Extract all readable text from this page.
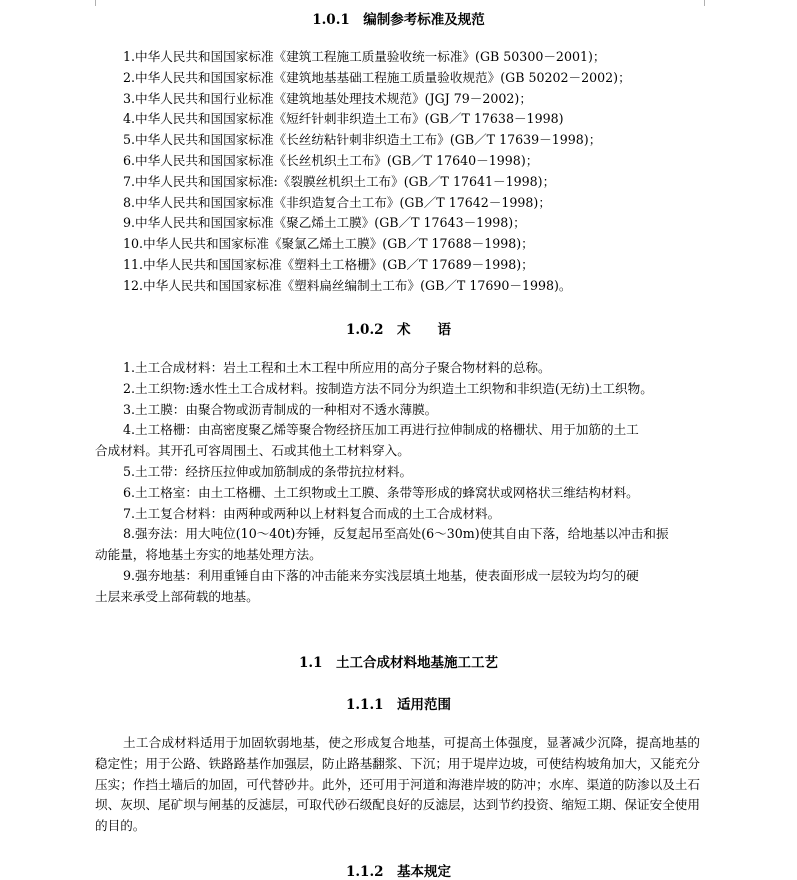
1.0.1　编制参考标准及规范
1.中华人民共和国国家标准《建筑工程施工质量验收统一标准》(GB 50300－2001)；
2.中华人民共和国国家标准《建筑地基基础工程施工质量验收规范》(GB 50202－2002)；
3.中华人民共和国行业标准《建筑地基处理技术规范》(JGJ 79－2002)；
4.中华人民共和国国家标准《短纤针刺非织造土工布》(GB／T 17638－1998)
5.中华人民共和国国家标准《长丝纺粘针刺非织造土工布》(GB／T 17639－1998)；
6.中华人民共和国国家标准《长丝机织土工布》(GB／T 17640－1998)；
7.中华人民共和国国家标准:《裂膜丝机织土工布》(GB／T 17641－1998)；
8.中华人民共和国国家标准《非织造复合土工布》(GB／T 17642－1998)；
9.中华人民共和国国家标准《聚乙烯土工膜》(GB／T 17643－1998)；
10.中华人民共和国家标准《聚氯乙烯土工膜》(GB／T 17688－1998)；
11.中华人民共和国国家标准《塑料土工格栅》(GB／T 17689－1998)；
12.中华人民共和国国家标准《塑料扁丝编制土工布》(GB／T 17690－1998)。
1.0.2　术　　语
1.土工合成材料：岩土工程和土木工程中所应用的高分子聚合物材料的总称。
2.土工织物:透水性土工合成材料。按制造方法不同分为织造土工织物和非织造(无纺)土工织物。
3.土工膜：由聚合物或沥青制成的一种相对不透水薄膜。
4.土工格栅：由高密度聚乙烯等聚合物经挤压加工再进行拉伸制成的格栅状、用于加筋的土工
合成材料。其开孔可容周围土、石或其他土工材料穿入。
5.土工带：经挤压拉伸或加筋制成的条带抗拉材料。
6.土工格室：由土工格栅、土工织物或土工膜、条带等形成的蜂窝状或网格状三维结构材料。
7.土工复合材料：由两种或两种以上材料复合而成的土工合成材料。
8.强夯法：用大吨位(10～40t)夯锤，反复起吊至高处(6～30m)使其自由下落，给地基以冲击和振
动能量，将地基土夯实的地基处理方法。
9.强夯地基：利用重锤自由下落的冲击能来夯实浅层填土地基，使表面形成一层较为均匀的硬
土层来承受上部荷载的地基。
1.1　土工合成材料地基施工工艺
1.1.1　适用范围
土工合成材料适用于加固软弱地基，使之形成复合地基，可提高土体强度，显著减少沉降，提高地基的稳定性；用于公路、铁路路基作加强层，防止路基翻浆、下沉；用于堤岸边坡，可使结构坡角加大，又能充分压实；作挡土墙后的加固，可代替砂井。此外，还可用于河道和海港岸坡的防冲；水库、渠道的防渗以及土石坝、灰坝、尾矿坝与闸基的反滤层，可取代砂石级配良好的反滤层，达到节约投资、缩短工期、保证安全使用的目的。
1.1.2　基本规定
